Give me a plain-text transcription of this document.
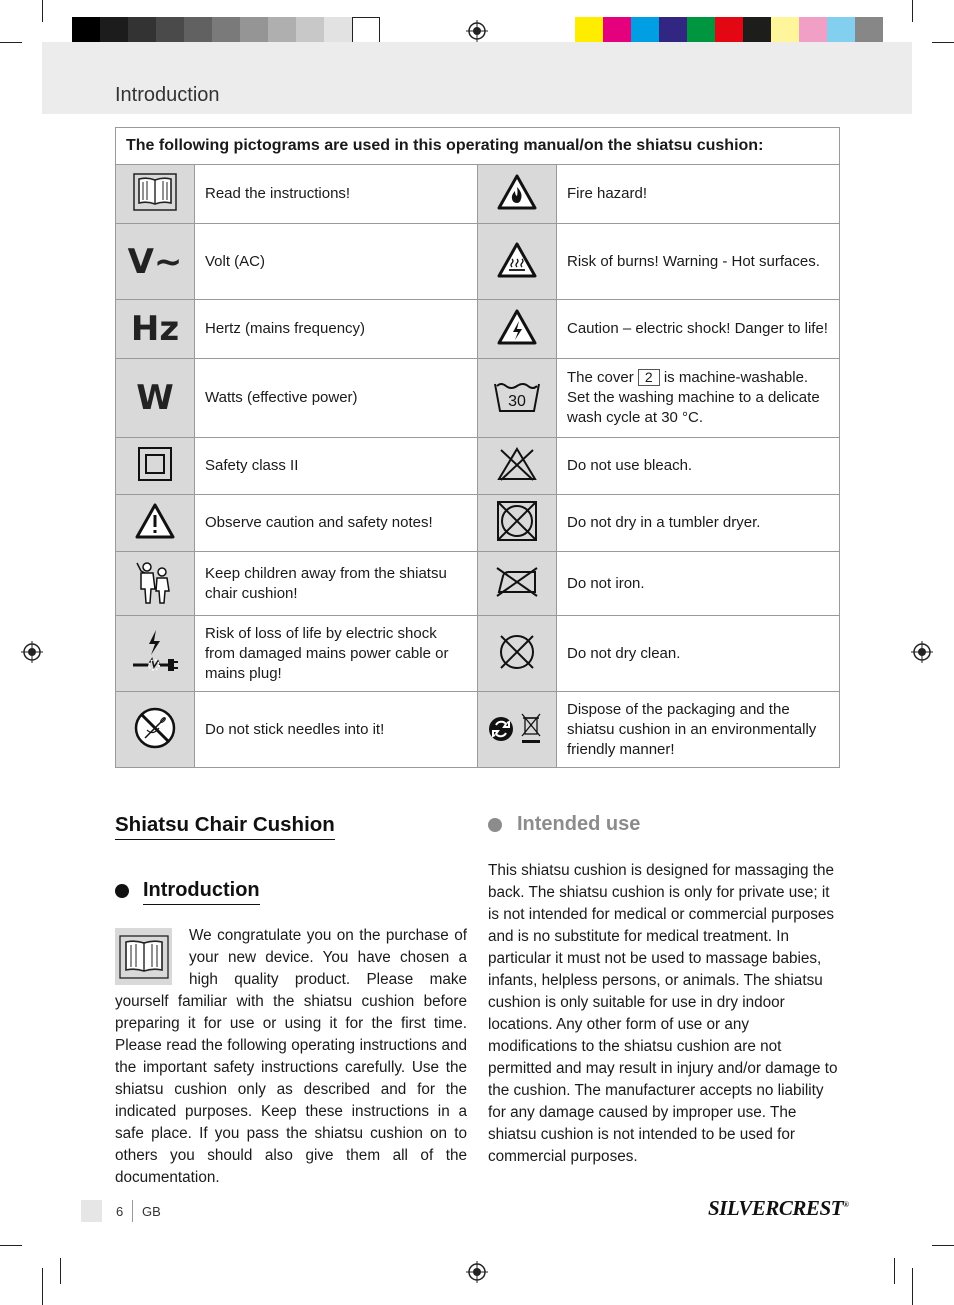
Introduction
The following pictograms are used in this operating manual/on the shiatsu cushion:			
	Read the instructions!		Fire hazard!
V~	Volt (AC)		Risk of burns! Warning - Hot surfaces.
Hz	Hertz (mains frequency)		Caution – electric shock! Danger to life!
W	Watts (effective power)	30	The cover 2 is machine-washable. Set the washing machine to a delicate wash cycle at 30 °C.
	Safety class II		Do not use bleach.
	Observe caution and safety notes!		Do not dry in a tumbler dryer.
	Keep children away from the shiatsu chair cushion!		Do not iron.
	Risk of loss of life by electric shock from damaged mains power cable or mains plug!		Do not dry clean.
	Do not stick needles into it!		Dispose of the packaging and the shiatsu cushion in an environmentally friendly manner!
Shiatsu Chair Cushion
Introduction
We congratulate you on the purchase of your new device. You have chosen a high quality product. Please make yourself familiar with the shiatsu cushion before preparing it for use or using it for the first time. Please read the following operating instructions and the important safety instructions carefully. Use the shiatsu cushion only as described and for the indicated purposes. Keep these instructions in a safe place. If you pass the shiatsu cushion on to others you should also give them all of the documentation.
Intended use
This shiatsu cushion is designed for massaging the back. The shiatsu cushion is only for private use; it is not intended for medical or commercial purposes and is no substitute for medical treatment. In particular it must not be used to massage babies, infants, helpless persons, or animals. The shiatsu cushion is only suitable for use in dry indoor locations. Any other form of use or any modifications to the shiatsu cushion are not permitted and may result in injury and/or damage to the cushion. The manufacturer accepts no liability for any damage caused by improper use. The shiatsu cushion is not intended to be used for commercial purposes.
6 GB	SILVERCREST®
